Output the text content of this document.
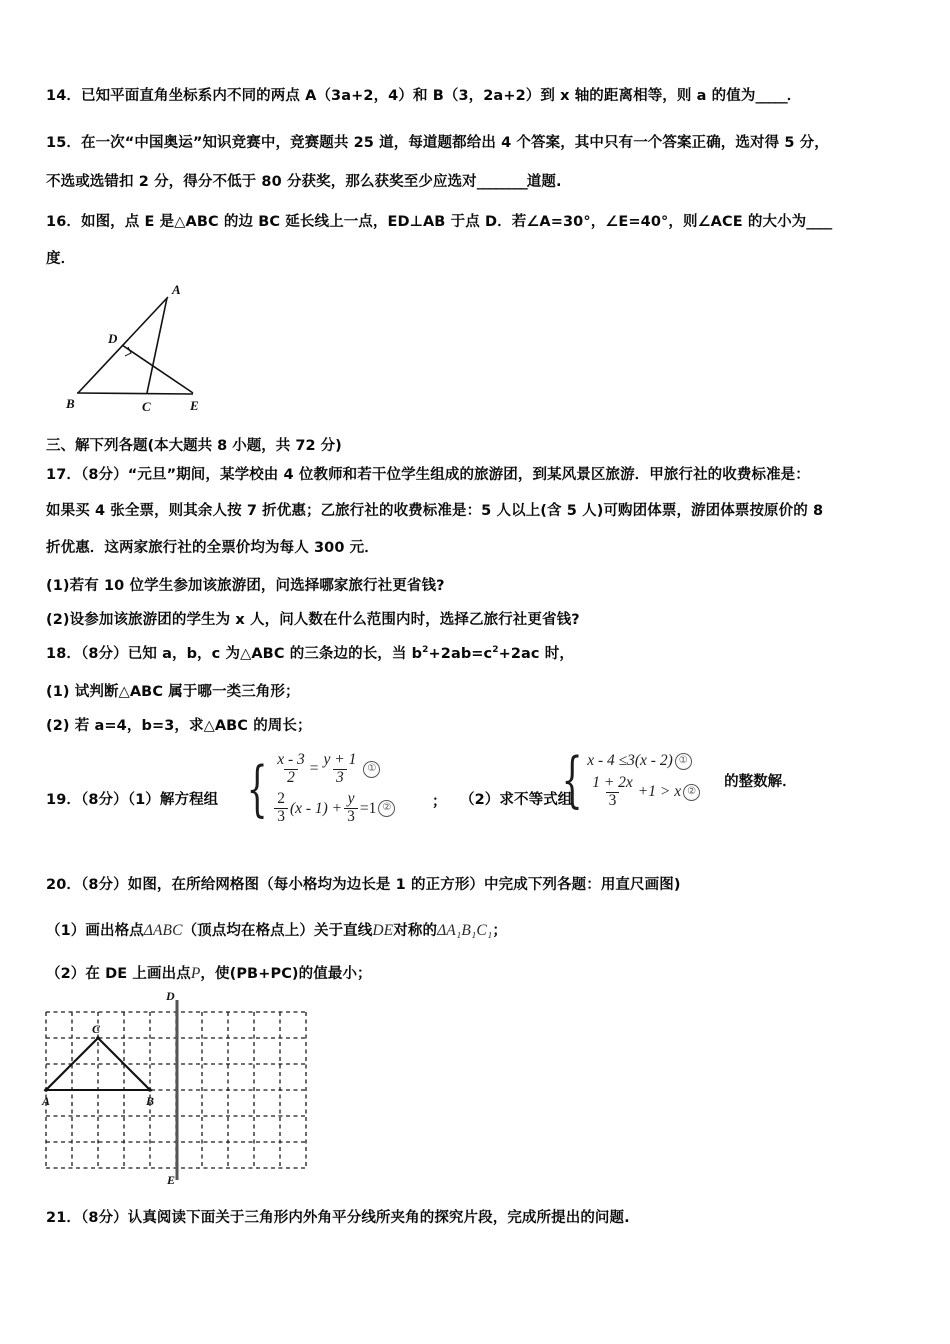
14．已知平面直角坐标系内不同的两点 A（3a+2，4）和 B（3，2a+2）到 x 轴的距离相等，则 a 的值为_____．
15．在一次“中国奥运”知识竞赛中，竞赛题共 25 道，每道题都给出 4 个答案，其中只有一个答案正确，选对得 5 分，
不选或选错扣 2 分，得分不低于 80 分获奖，那么获奖至少应选对________道题.
16．如图，点 E 是△ABC 的边 BC 延长线上一点，ED⊥AB 于点 D．若∠A=30°，∠E=40°，则∠ACE 的大小为____
度．
A
D
B	C	E
三、解下列各题(本大题共 8 小题，共 72 分)
17．（8分）“元旦”期间，某学校由 4 位教师和若干位学生组成的旅游团，到某风景区旅游．甲旅行社的收费标准是：
如果买 4 张全票，则其余人按 7 折优惠；乙旅行社的收费标准是：5 人以上(含 5 人)可购团体票，游团体票按原价的 8
折优惠．这两家旅行社的全票价均为每人 300 元．
(1)若有 10 位学生参加该旅游团，问选择哪家旅行社更省钱?
(2)设参加该旅游团的学生为 x 人，问人数在什么范围内时，选择乙旅行社更省钱?
18．（8分）已知 a，b，c 为△ABC 的三条边的长，当 $b^2+2ab=c^2+2ac$ 时，
(1) 试判断△ABC 属于哪一类三角形；
(2) 若 a=4，b=3，求△ABC 的周长；
19．（8分）（1）解方程组 { $\frac{x - 3}{2} = \frac{y + 1}{3}$ ①
$\frac{2}{3} (x - 1) + \frac{y}{3} =1$ ②	； （2）求不等式组
{ x - 4 ≤3(x - 2) ①
$\frac{1 + 2x}{3} +1 > x$ ②
的整数解．
20．（8分）如图，在所给网格图（每小格均为边长是 1 的正方形）中完成下列各题：用直尺画图)
（1）画出格点ΔABC（顶点均在格点上）关于直线DE对称的ΔA₁B₁C₁；
（2）在 DE 上画出点P，使(PB+PC)的值最小；
A	B
C
D
E
21．（8分）认真阅读下面关于三角形内外角平分线所夹角的探究片段，完成所提出的问题.
